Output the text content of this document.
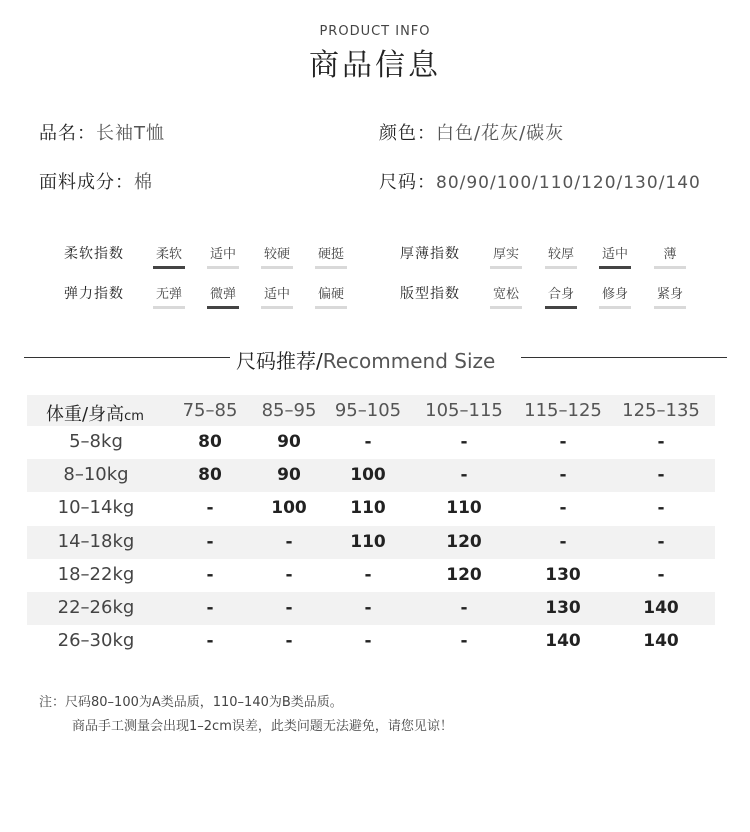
PRODUCT INFO
商品信息
品名：长袖T恤	颜色：白色/花灰/碳灰
面料成分：棉	尺码：80/90/100/110/120/130/140
柔软指数 柔软 适中 较硬 硬挺	厚薄指数	厚实 较厚 适中	薄
弹力指数 无弹 微弹 适中 偏硬	版型指数	宽松 合身 修身 紧身
尺码推荐/Recommend Size
体重/身高cm	75–85	85–95	95–105	105–115	115–125	125–135
5–8kg	80	90	-	-	-	-
8–10kg	80	90	100	-	-	-
10–14kg	-	100	110	110	-	-
14–18kg	-	-	110	120	-	-
18–22kg	-	-	-	120	130	-
22–26kg	-	-	-	-	130	140
26–30kg	-	-	-	-	140	140
注：尺码80–100为A类品质，110–140为B类品质。
商品手工测量会出现1–2cm误差，此类问题无法避免，请您见谅！
